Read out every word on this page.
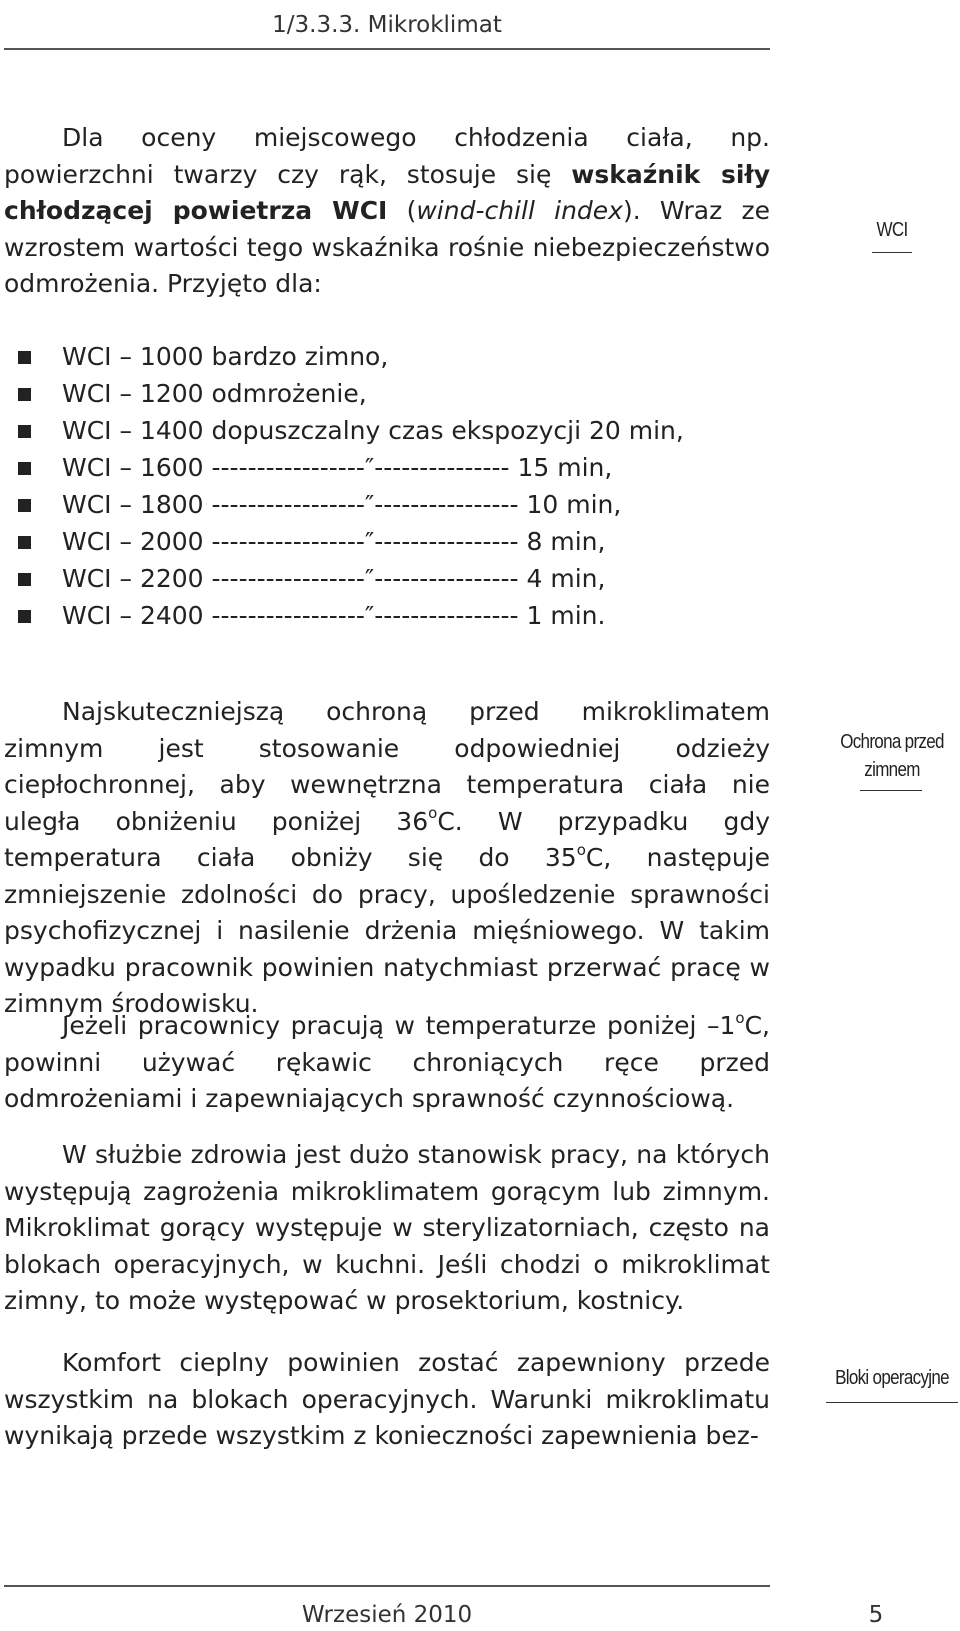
1/3.3.3. Mikroklimat
Dla oceny miejscowego chłodzenia ciała, np. powierzchni twarzy czy rąk, stosuje się wskaźnik siły chłodzącej powietrza WCI (wind-chill index). Wraz ze wzrostem wartości tego wskaźnika rośnie niebezpieczeństwo odmrożenia. Przyjęto dla:
WCI – 1000 bardzo zimno,
WCI – 1200 odmrożenie,
WCI – 1400 dopuszczalny czas ekspozycji 20 min,
WCI – 1600 -----------------″--------------- 15 min,
WCI – 1800 -----------------″---------------- 10 min,
WCI – 2000 -----------------″---------------- 8 min,
WCI – 2200 -----------------″---------------- 4 min,
WCI – 2400 -----------------″---------------- 1 min.
Najskuteczniejszą ochroną przed mikroklimatem zimnym jest stosowanie odpowiedniej odzieży ciepłochronnej, aby wewnętrzna temperatura ciała nie uległa obniżeniu poniżej 36$^o$C. W przypadku gdy temperatura ciała obniży się do 35$^o$C, następuje zmniejszenie zdolności do pracy, upośledzenie sprawności psychofizycznej i nasilenie drżenia mięśniowego. W takim wypadku pracownik powinien natychmiast przerwać pracę w zimnym środowisku.
Jeżeli pracownicy pracują w temperaturze poniżej –1$^o$C, powinni używać rękawic chroniących ręce przed odmrożeniami i zapewniających sprawność czynnościową.
W służbie zdrowia jest dużo stanowisk pracy, na których występują zagrożenia mikroklimatem gorącym lub zimnym. Mikroklimat gorący występuje w sterylizatorniach, często na blokach operacyjnych, w kuchni. Jeśli chodzi o mikroklimat zimny, to może występować w prosektorium, kostnicy.
Komfort cieplny powinien zostać zapewniony przede wszystkim na blokach operacyjnych. Warunki mikroklimatu wynikają przede wszystkim z konieczności zapewnienia bez-
WCI
Ochrona przed
zimnem
Bloki operacyjne
Wrzesień 2010	5
